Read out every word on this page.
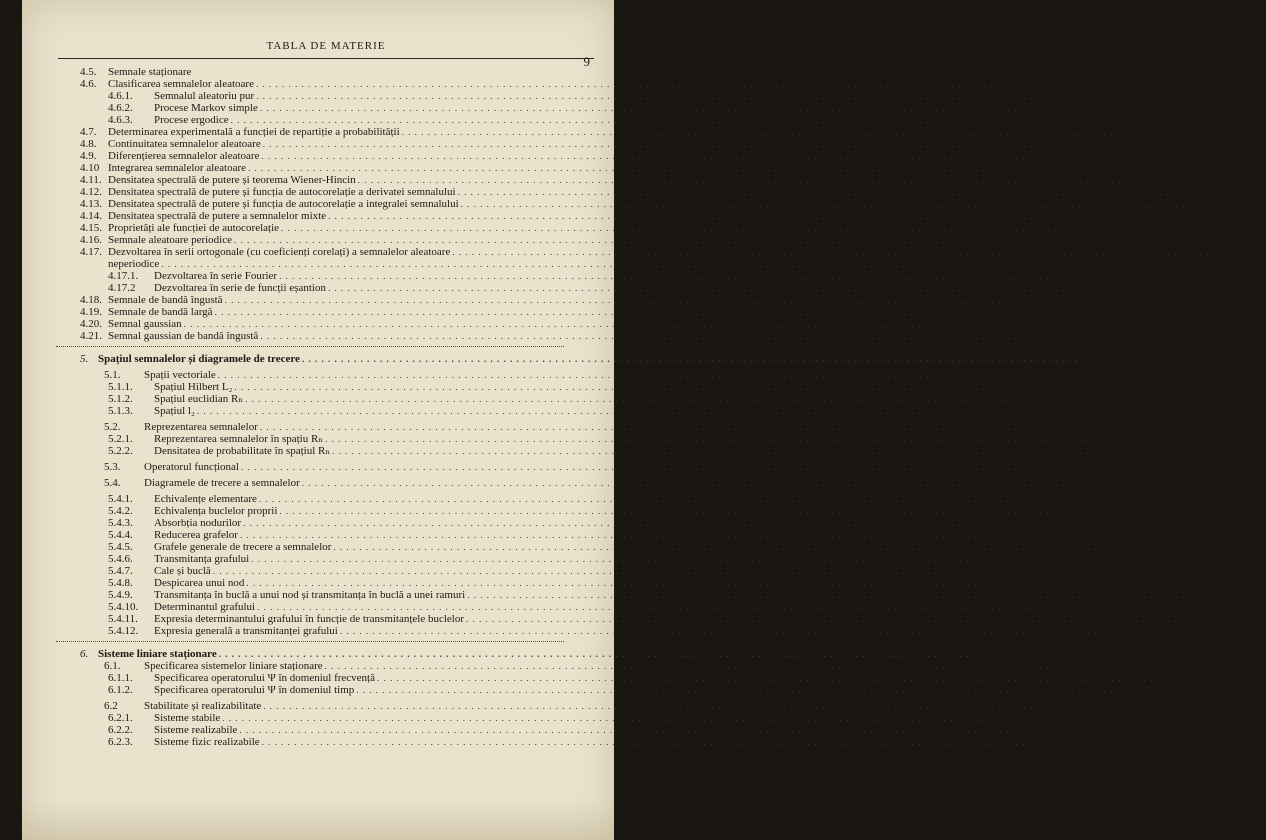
TABLA DE MATERIE
9
4.5.	Semnale staționare
4.6.	Clasificarea semnalelor aleatoare . . . . . . . . . . . . . . . . . . . . . . . . . . . . . . . . . . . . . . . . . . . . . . . . . . . . . . . . . . . . . . . . . . . . . . . . . . . . . . . . . . . . . . . . . . . . . . . . . . . . . . . . . . . . . . . . . . . . . . . . 145
4.6.1.	Semnalul aleatoriu pur . . . . . . . . . . . . . . . . . . . . . . . . . . . . . . . . . . . . . . . . . . . . . . . . . . . . . . . . . . . . . . . . . . . . . . . . . . . . . . . . . . . . . . . . . . . . . . . . . . . . . . . . . . . . . . . . . . . . . . . . 148
4.6.2.	Procese Markov simple . . . . . . . . . . . . . . . . . . . . . . . . . . . . . . . . . . . . . . . . . . . . . . . . . . . . . . . . . . . . . . . . . . . . . . . . . . . . . . . . . . . . . . . . . . . . . . . . . . . . . . . . . . . . . . . . . . . . . . . . 148
4.6.3.	Procese ergodice . . . . . . . . . . . . . . . . . . . . . . . . . . . . . . . . . . . . . . . . . . . . . . . . . . . . . . . . . . . . . . . . . . . . . . . . . . . . . . . . . . . . . . . . . . . . . . . . . . . . . . . . . . . . . . . . . . . . . . . . 149
4.7.	Determinarea experimentală a funcției de repartiție a probabilității . . . . . . . . . . . . . . . . . . . . . . . . . . . . . . . . . . . . . . . . . . . . . . . . . . . . . . . . . . . . . . . . . . . . . . . . . . . . . . . . . . . . . . . . . . . . . . . . . . . . . . . . . . . . . . . . . . . . . . . . 150
4.8.	Continuitatea semnalelor aleatoare . . . . . . . . . . . . . . . . . . . . . . . . . . . . . . . . . . . . . . . . . . . . . . . . . . . . . . . . . . . . . . . . . . . . . . . . . . . . . . . . . . . . . . . . . . . . . . . . . . . . . . . . . . . . . . . . . . . . . . . . 154
4.9.	Diferențierea semnalelor aleatoare . . . . . . . . . . . . . . . . . . . . . . . . . . . . . . . . . . . . . . . . . . . . . . . . . . . . . . . . . . . . . . . . . . . . . . . . . . . . . . . . . . . . . . . . . . . . . . . . . . . . . . . . . . . . . . . . . . . . . . . . 156
4.10 Integrarea semnalelor aleatoare . . . . . . . . . . . . . . . . . . . . . . . . . . . . . . . . . . . . . . . . . . . . . . . . . . . . . . . . . . . . . . . . . . . . . . . . . . . . . . . . . . . . . . . . . . . . . . . . . . . . . . . . . . . . . . . . . . . . . . . . 157
4.11. Densitatea spectrală de putere și teorema Wiener-Hincin . . . . . . . . . . . . . . . . . . . . . . . . . . . . . . . . . . . . . . . . . . . . . . . . . . . . . . . . . . . . . . . . . . . . . . . . . . . . . . . . . . . . . . . . . . . . . . . . . . . . . . . . . . . . . . . . . . . . . . . . 157
4.12. Densitatea spectrală de putere și funcția de autocorelație a derivatei semnalului . . . . . . . . . . . . . . . . . . . . . . . . . . . . . . . . . . . . . . . . . . . . . . . . . . . . . . . . . . . . . . . . . . . . . . . . . . . . . . . . . . . . . . . . . . . . . . . . . . . . . . . . . . . . . . . . . . . . . . . . 158
4.13. Densitatea spectrală de putere și funcția de autocorelație a integralei semnalului . . . . . . . . . . . . . . . . . . . . . . . . . . . . . . . . . . . . . . . . . . . . . . . . . . . . . . . . . . . . . . . . . . . . . . . . . . . . . . . . . . . . . . . . . . . . . . . . . . . . . . . . . . . . . . . . . . . . . . . . 161
4.14. Densitatea spectrală de putere a semnalelor mixte . . . . . . . . . . . . . . . . . . . . . . . . . . . . . . . . . . . . . . . . . . . . . . . . . . . . . . . . . . . . . . . . . . . . . . . . . . . . . . . . . . . . . . . . . . . . . . . . . . . . . . . . . . . . . . . . . . . . . . . . 163
4.15. Proprietăți ale funcției de autocorelație . . . . . . . . . . . . . . . . . . . . . . . . . . . . . . . . . . . . . . . . . . . . . . . . . . . . . . . . . . . . . . . . . . . . . . . . . . . . . . . . . . . . . . . . . . . . . . . . . . . . . . . . . . . . . . . . . . . . . . . . 164
4.16. Semnale aleatoare periodice . . . . . . . . . . . . . . . . . . . . . . . . . . . . . . . . . . . . . . . . . . . . . . . . . . . . . . . . . . . . . . . . . . . . . . . . . . . . . . . . . . . . . . . . . . . . . . . . . . . . . . . . . . . . . . . . . . . . . . . . 164
4.17. Dezvoltarea în serii ortogonale (cu coeficienți corelați) a semnalelor aleatoare . . . . . . . . . . . . . . . . . . . . . . . . . . . . . . . . . . . . . . . . . . . . . . . . . . . . . . . . . . . . . . . . . . . . . . . . . . . . . . . . . . . . . . . . . . . . . . . . . . . . . . . . . . . . . . . . . . . . . . . . 166
neperiodice . . . . . . . . . . . . . . . . . . . . . . . . . . . . . . . . . . . . . . . . . . . . . . . . . . . . . . . . . . . . . . . . . . . . . . . . . . . . . . . . . . . . . . . . . . . . . . . . . . . . . . . . . . . . . . . . . . . . . . . . 168
4.17.1.	Dezvoltarea în serie Fourier . . . . . . . . . . . . . . . . . . . . . . . . . . . . . . . . . . . . . . . . . . . . . . . . . . . . . . . . . . . . . . . . . . . . . . . . . . . . . . . . . . . . . . . . . . . . . . . . . . . . . . . . . . . . . . . . . . . . . . . . 168
4.17.2	Dezvoltarea în serie de funcții eșantion . . . . . . . . . . . . . . . . . . . . . . . . . . . . . . . . . . . . . . . . . . . . . . . . . . . . . . . . . . . . . . . . . . . . . . . . . . . . . . . . . . . . . . . . . . . . . . . . . . . . . . . . . . . . . . . . . . . . . . . . 169
4.18. Semnale de bandă îngustă . . . . . . . . . . . . . . . . . . . . . . . . . . . . . . . . . . . . . . . . . . . . . . . . . . . . . . . . . . . . . . . . . . . . . . . . . . . . . . . . . . . . . . . . . . . . . . . . . . . . . . . . . . . . . . . . . . . . . . . . 170
4.19. Semnale de bandă largă . . . . . . . . . . . . . . . . . . . . . . . . . . . . . . . . . . . . . . . . . . . . . . . . . . . . . . . . . . . . . . . . . . . . . . . . . . . . . . . . . . . . . . . . . . . . . . . . . . . . . . . . . . . . . . . . . . . . . . . . 172
4.20. Semnal gaussian . . . . . . . . . . . . . . . . . . . . . . . . . . . . . . . . . . . . . . . . . . . . . . . . . . . . . . . . . . . . . . . . . . . . . . . . . . . . . . . . . . . . . . . . . . . . . . . . . . . . . . . . . . . . . . . . . . . . . . . . 173
4.21. Semnal gaussian de bandă îngustă . . . . . . . . . . . . . . . . . . . . . . . . . . . . . . . . . . . . . . . . . . . . . . . . . . . . . . . . . . . . . . . . . . . . . . . . . . . . . . . . . . . . . . . . . . . . . . . . . . . . . . . . . . . . . . . . . . . . . . . . 174
5. Spațiul semnalelor și diagramele de trecere . . . . . . . . . . . . . . . . . . . . . . . . . . . . . . . . . . . . . . . . . . . . . . . . . . . . . . . . . . . . . . . . . . . . . . . . . . . . . . . . . . . . . . . . . . . . . . . . . . . . . . . . . . . . . . . . . . . . . . . . 175
5.1.	Spații vectoriale . . . . . . . . . . . . . . . . . . . . . . . . . . . . . . . . . . . . . . . . . . . . . . . . . . . . . . . . . . . . . . . . . . . . . . . . . . . . . . . . . . . . . . . . . . . . . . . . . . . . . . . . . . . . . . . . . . . . . . . . 175
5.1.1.	Spațiul Hilbert L₂ . . . . . . . . . . . . . . . . . . . . . . . . . . . . . . . . . . . . . . . . . . . . . . . . . . . . . . . . . . . . . . . . . . . . . . . . . . . . . . . . . . . . . . . . . . . . . . . . . . . . . . . . . . . . . . . . . . . . . . . . 177
5.1.2.	Spațiul euclidian Rₙ . . . . . . . . . . . . . . . . . . . . . . . . . . . . . . . . . . . . . . . . . . . . . . . . . . . . . . . . . . . . . . . . . . . . . . . . . . . . . . . . . . . . . . . . . . . . . . . . . . . . . . . . . . . . . . . . . . . . . . . . 178
5.1.3.	Spațiul l₂ . . . . . . . . . . . . . . . . . . . . . . . . . . . . . . . . . . . . . . . . . . . . . . . . . . . . . . . . . . . . . . . . . . . . . . . . . . . . . . . . . . . . . . . . . . . . . . . . . . . . . . . . . . . . . . . . . . . . . . . . 179
5.2.	Reprezentarea semnalelor . . . . . . . . . . . . . . . . . . . . . . . . . . . . . . . . . . . . . . . . . . . . . . . . . . . . . . . . . . . . . . . . . . . . . . . . . . . . . . . . . . . . . . . . . . . . . . . . . . . . . . . . . . . . . . . . . . . . . . . . 180
5.2.1.	Reprezentarea semnalelor în spațiu Rₙ . . . . . . . . . . . . . . . . . . . . . . . . . . . . . . . . . . . . . . . . . . . . . . . . . . . . . . . . . . . . . . . . . . . . . . . . . . . . . . . . . . . . . . . . . . . . . . . . . . . . . . . . . . . . . . . . . . . . . . . . 180
5.2.2.	Densitatea de probabilitate în spațiul Rₙ . . . . . . . . . . . . . . . . . . . . . . . . . . . . . . . . . . . . . . . . . . . . . . . . . . . . . . . . . . . . . . . . . . . . . . . . . . . . . . . . . . . . . . . . . . . . . . . . . . . . . . . . . . . . . . . . . . . . . . . . 182
5.3.	Operatorul funcțional . . . . . . . . . . . . . . . . . . . . . . . . . . . . . . . . . . . . . . . . . . . . . . . . . . . . . . . . . . . . . . . . . . . . . . . . . . . . . . . . . . . . . . . . . . . . . . . . . . . . . . . . . . . . . . . . . . . . . . . . 183
5.4.	Diagramele de trecere a semnalelor . . . . . . . . . . . . . . . . . . . . . . . . . . . . . . . . . . . . . . . . . . . . . . . . . . . . . . . . . . . . . . . . . . . . . . . . . . . . . . . . . . . . . . . . . . . . . . . . . . . . . . . . . . . . . . . . . . . . . . . . 185
5.4.1.	Echivalențe elementare . . . . . . . . . . . . . . . . . . . . . . . . . . . . . . . . . . . . . . . . . . . . . . . . . . . . . . . . . . . . . . . . . . . . . . . . . . . . . . . . . . . . . . . . . . . . . . . . . . . . . . . . . . . . . . . . . . . . . . . . 187
5.4.2.	Echivalența buclelor proprii . . . . . . . . . . . . . . . . . . . . . . . . . . . . . . . . . . . . . . . . . . . . . . . . . . . . . . . . . . . . . . . . . . . . . . . . . . . . . . . . . . . . . . . . . . . . . . . . . . . . . . . . . . . . . . . . . . . . . . . . 188
5.4.3.	Absorbția nodurilor . . . . . . . . . . . . . . . . . . . . . . . . . . . . . . . . . . . . . . . . . . . . . . . . . . . . . . . . . . . . . . . . . . . . . . . . . . . . . . . . . . . . . . . . . . . . . . . . . . . . . . . . . . . . . . . . . . . . . . . . 188
5.4.4.	Reducerea grafelor . . . . . . . . . . . . . . . . . . . . . . . . . . . . . . . . . . . . . . . . . . . . . . . . . . . . . . . . . . . . . . . . . . . . . . . . . . . . . . . . . . . . . . . . . . . . . . . . . . . . . . . . . . . . . . . . . . . . . . . . 189
5.4.5.	Grafele generale de trecere a semnalelor . . . . . . . . . . . . . . . . . . . . . . . . . . . . . . . . . . . . . . . . . . . . . . . . . . . . . . . . . . . . . . . . . . . . . . . . . . . . . . . . . . . . . . . . . . . . . . . . . . . . . . . . . . . . . . . . . . . . . . . . 189
5.4.6.	Transmitanța grafului . . . . . . . . . . . . . . . . . . . . . . . . . . . . . . . . . . . . . . . . . . . . . . . . . . . . . . . . . . . . . . . . . . . . . . . . . . . . . . . . . . . . . . . . . . . . . . . . . . . . . . . . . . . . . . . . . . . . . . . . 190
5.4.7.	Cale și buclă . . . . . . . . . . . . . . . . . . . . . . . . . . . . . . . . . . . . . . . . . . . . . . . . . . . . . . . . . . . . . . . . . . . . . . . . . . . . . . . . . . . . . . . . . . . . . . . . . . . . . . . . . . . . . . . . . . . . . . . . 190
5.4.8.	Despicarea unui nod . . . . . . . . . . . . . . . . . . . . . . . . . . . . . . . . . . . . . . . . . . . . . . . . . . . . . . . . . . . . . . . . . . . . . . . . . . . . . . . . . . . . . . . . . . . . . . . . . . . . . . . . . . . . . . . . . . . . . . . . 191
5.4.9.	Transmitanța în buclă a unui nod și transmitanța în buclă a unei ramuri . . . . . . . . . . . . . . . . . . . . . . . . . . . . . . . . . . . . . . . . . . . . . . . . . . . . . . . . . . . . . . . . . . . . . . . . . . . . . . . . . . . . . . . . . . . . . . . . . . . . . . . . . . . . . . . . . . . . . . . . 191
5.4.10.	Determinantul grafului . . . . . . . . . . . . . . . . . . . . . . . . . . . . . . . . . . . . . . . . . . . . . . . . . . . . . . . . . . . . . . . . . . . . . . . . . . . . . . . . . . . . . . . . . . . . . . . . . . . . . . . . . . . . . . . . . . . . . . . . 192
5.4.11.	Expresia determinantului grafului în funcție de transmitanțele buclelor . . . . . . . . . . . . . . . . . . . . . . . . . . . . . . . . . . . . . . . . . . . . . . . . . . . . . . . . . . . . . . . . . . . . . . . . . . . . . . . . . . . . . . . . . . . . . . . . . . . . . . . . . . . . . . . . . . . . . . . . 193
5.4.12.	Expresia generală a transmitanței grafului . . . . . . . . . . . . . . . . . . . . . . . . . . . . . . . . . . . . . . . . . . . . . . . . . . . . . . . . . . . . . . . . . . . . . . . . . . . . . . . . . . . . . . . . . . . . . . . . . . . . . . . . . . . . . . . . . . . . . . . . 194
6. Sisteme liniare staționare . . . . . . . . . . . . . . . . . . . . . . . . . . . . . . . . . . . . . . . . . . . . . . . . . . . . . . . . . . . . . . . . . . . . . . . . . . . . . . . . . . . . . . . . . . . . . . . . . . . . . . . . . . . . . . . . . . . . . . . . 196
6.1.	Specificarea sistemelor liniare staționare . . . . . . . . . . . . . . . . . . . . . . . . . . . . . . . . . . . . . . . . . . . . . . . . . . . . . . . . . . . . . . . . . . . . . . . . . . . . . . . . . . . . . . . . . . . . . . . . . . . . . . . . . . . . . . . . . . . . . . . . 196
6.1.1.	Specificarea operatorului Ψ în domeniul frecvență . . . . . . . . . . . . . . . . . . . . . . . . . . . . . . . . . . . . . . . . . . . . . . . . . . . . . . . . . . . . . . . . . . . . . . . . . . . . . . . . . . . . . . . . . . . . . . . . . . . . . . . . . . . . . . . . . . . . . . . . 198
6.1.2.	Specificarea operatorului Ψ în domeniul timp . . . . . . . . . . . . . . . . . . . . . . . . . . . . . . . . . . . . . . . . . . . . . . . . . . . . . . . . . . . . . . . . . . . . . . . . . . . . . . . . . . . . . . . . . . . . . . . . . . . . . . . . . . . . . . . . . . . . . . . . 199
6.2	Stabilitate și realizabilitate . . . . . . . . . . . . . . . . . . . . . . . . . . . . . . . . . . . . . . . . . . . . . . . . . . . . . . . . . . . . . . . . . . . . . . . . . . . . . . . . . . . . . . . . . . . . . . . . . . . . . . . . . . . . . . . . . . . . . . . . 202
6.2.1.	Sisteme stabile . . . . . . . . . . . . . . . . . . . . . . . . . . . . . . . . . . . . . . . . . . . . . . . . . . . . . . . . . . . . . . . . . . . . . . . . . . . . . . . . . . . . . . . . . . . . . . . . . . . . . . . . . . . . . . . . . . . . . . . . 202
6.2.2.	Sisteme realizabile . . . . . . . . . . . . . . . . . . . . . . . . . . . . . . . . . . . . . . . . . . . . . . . . . . . . . . . . . . . . . . . . . . . . . . . . . . . . . . . . . . . . . . . . . . . . . . . . . . . . . . . . . . . . . . . . . . . . . . . . 203
6.2.3.	Sisteme fizic realizabile . . . . . . . . . . . . . . . . . . . . . . . . . . . . . . . . . . . . . . . . . . . . . . . . . . . . . . . . . . . . . . . . . . . . . . . . . . . . . . . . . . . . . . . . . . . . . . . . . . . . . . . . . . . . . . . . . . . . . . . . 204
